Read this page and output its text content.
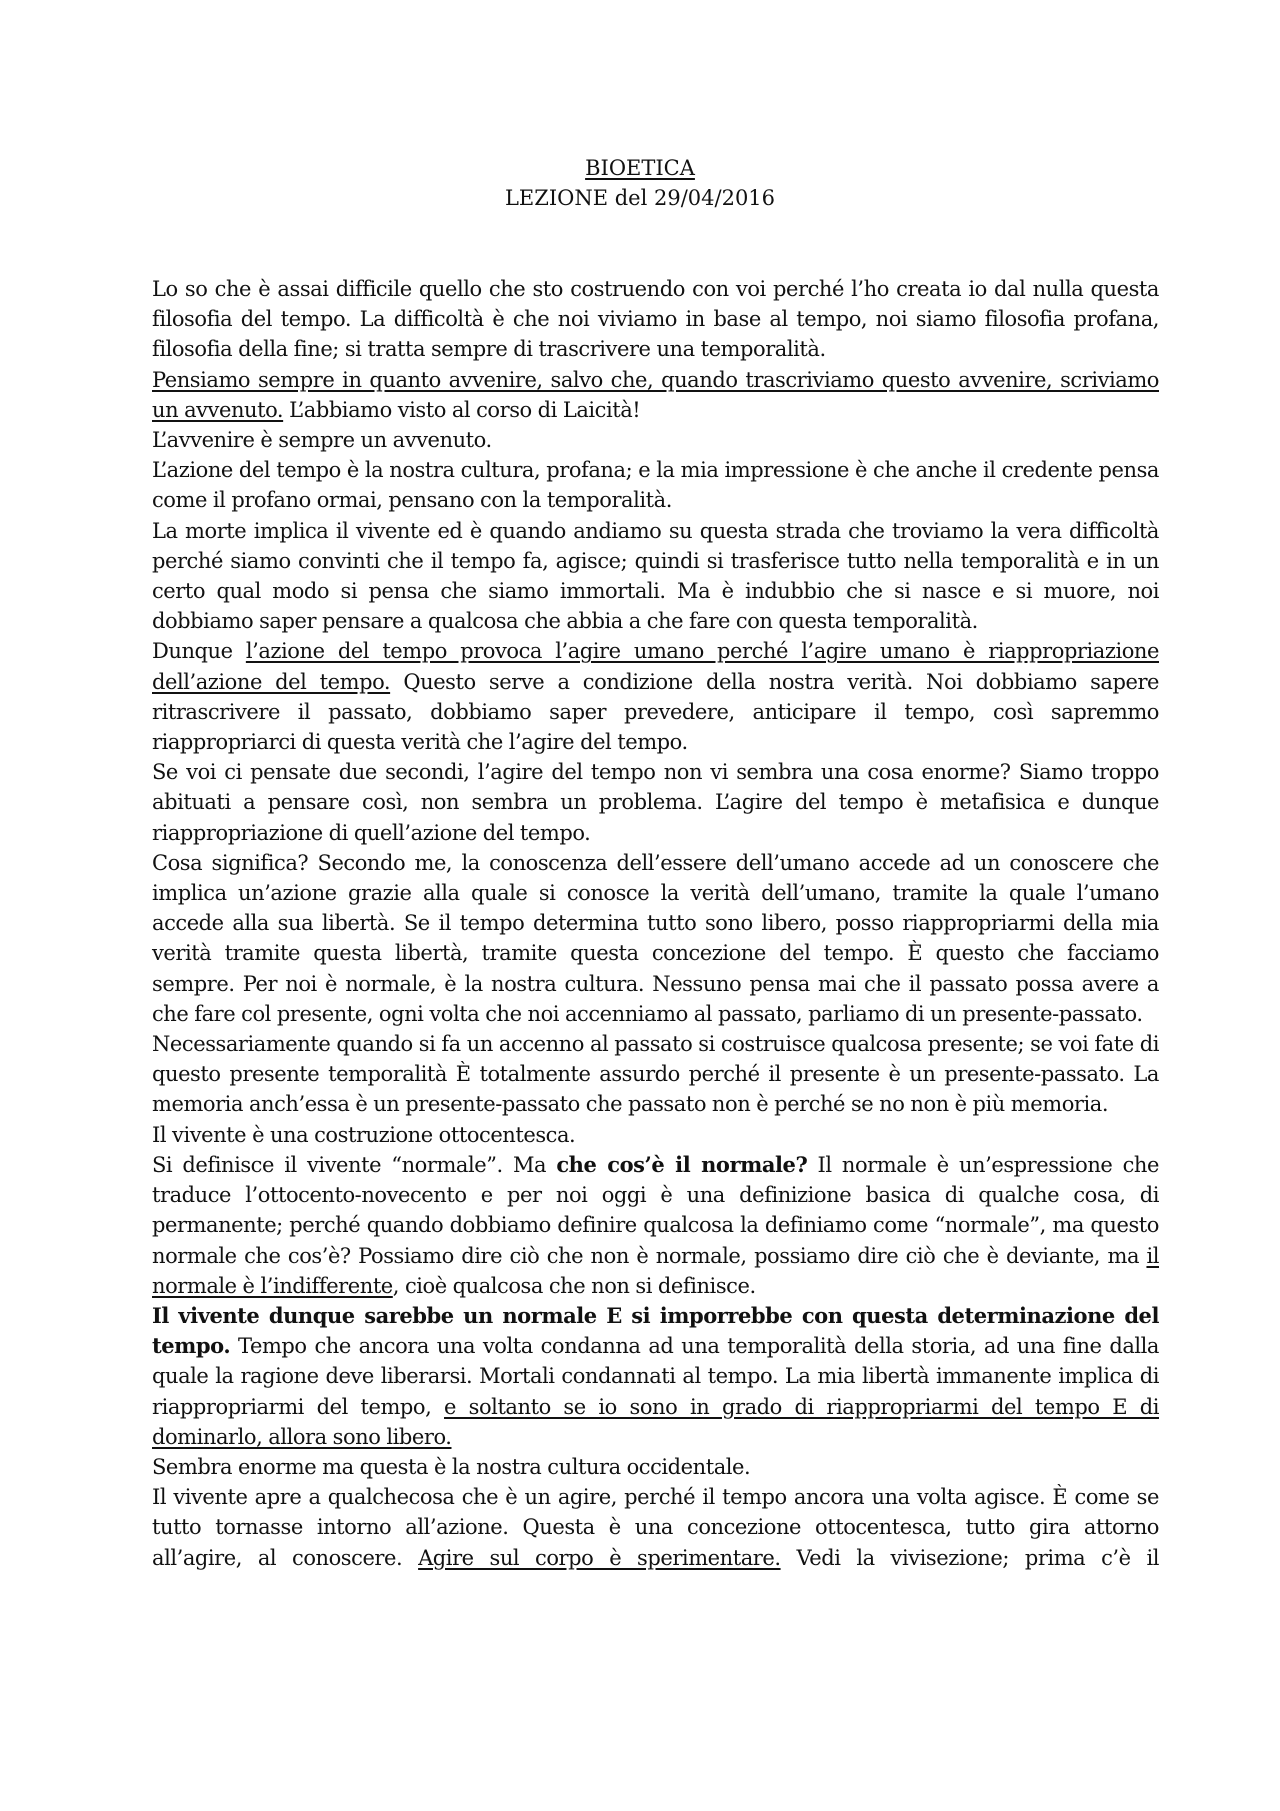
BIOETICA
LEZIONE del 29/04/2016

Lo so che è assai difficile quello che sto costruendo con voi perché l’ho creata io dal nulla questa filosofia del tempo. La difficoltà è che noi viviamo in base al tempo, noi siamo filosofia profana, filosofia della fine; si tratta sempre di trascrivere una temporalità.

Pensiamo sempre in quanto avvenire, salvo che, quando trascriviamo questo avvenire, scriviamo un avvenuto. L’abbiamo visto al corso di Laicità!

L’avvenire è sempre un avvenuto.

L’azione del tempo è la nostra cultura, profana; e la mia impressione è che anche il credente pensa come il profano ormai, pensano con la temporalità.

La morte implica il vivente ed è quando andiamo su questa strada che troviamo la vera difficoltà perché siamo convinti che il tempo fa, agisce; quindi si trasferisce tutto nella temporalità e in un certo qual modo si pensa che siamo immortali. Ma è indubbio che si nasce e si muore, noi dobbiamo saper pensare a qualcosa che abbia a che fare con questa temporalità.

Dunque l’azione del tempo provoca l’agire umano perché l’agire umano è riappropriazione dell’azione del tempo. Questo serve a condizione della nostra verità. Noi dobbiamo sapere ritrascrivere il passato, dobbiamo saper prevedere, anticipare il tempo, così sapremmo riappropriarci di questa verità che l’agire del tempo.

Se voi ci pensate due secondi, l’agire del tempo non vi sembra una cosa enorme? Siamo troppo abituati a pensare così, non sembra un problema. L’agire del tempo è metafisica e dunque riappropriazione di quell’azione del tempo.

Cosa significa? Secondo me, la conoscenza dell’essere dell’umano accede ad un conoscere che implica un’azione grazie alla quale si conosce la verità dell’umano, tramite la quale l’umano accede alla sua libertà. Se il tempo determina tutto sono libero, posso riappropriarmi della mia verità tramite questa libertà, tramite questa concezione del tempo. È questo che facciamo sempre. Per noi è normale, è la nostra cultura. Nessuno pensa mai che il passato possa avere a che fare col presente, ogni volta che noi accenniamo al passato, parliamo di un presente-passato.

Necessariamente quando si fa un accenno al passato si costruisce qualcosa presente; se voi fate di questo presente temporalità È totalmente assurdo perché il presente è un presente-passato. La memoria anch’essa è un presente-passato che passato non è perché se no non è più memoria.

Il vivente è una costruzione ottocentesca.

Si definisce il vivente “normale”. Ma che cos’è il normale? Il normale è un’espressione che traduce l’ottocento-novecento e per noi oggi è una definizione basica di qualche cosa, di permanente; perché quando dobbiamo definire qualcosa la definiamo come “normale”, ma questo normale che cos’è? Possiamo dire ciò che non è normale, possiamo dire ciò che è deviante, ma il normale è l’indifferente, cioè qualcosa che non si definisce.

Il vivente dunque sarebbe un normale E si imporrebbe con questa determinazione del tempo. Tempo che ancora una volta condanna ad una temporalità della storia, ad una fine dalla quale la ragione deve liberarsi. Mortali condannati al tempo. La mia libertà immanente implica di riappropriarmi del tempo, e soltanto se io sono in grado di riappropriarmi del tempo E di dominarlo, allora sono libero.

Sembra enorme ma questa è la nostra cultura occidentale.

Il vivente apre a qualchecosa che è un agire, perché il tempo ancora una volta agisce. È come se tutto tornasse intorno all’azione. Questa è una concezione ottocentesca, tutto gira attorno all’agire, al conoscere. Agire sul corpo è sperimentare. Vedi la vivisezione; prima c’è il
